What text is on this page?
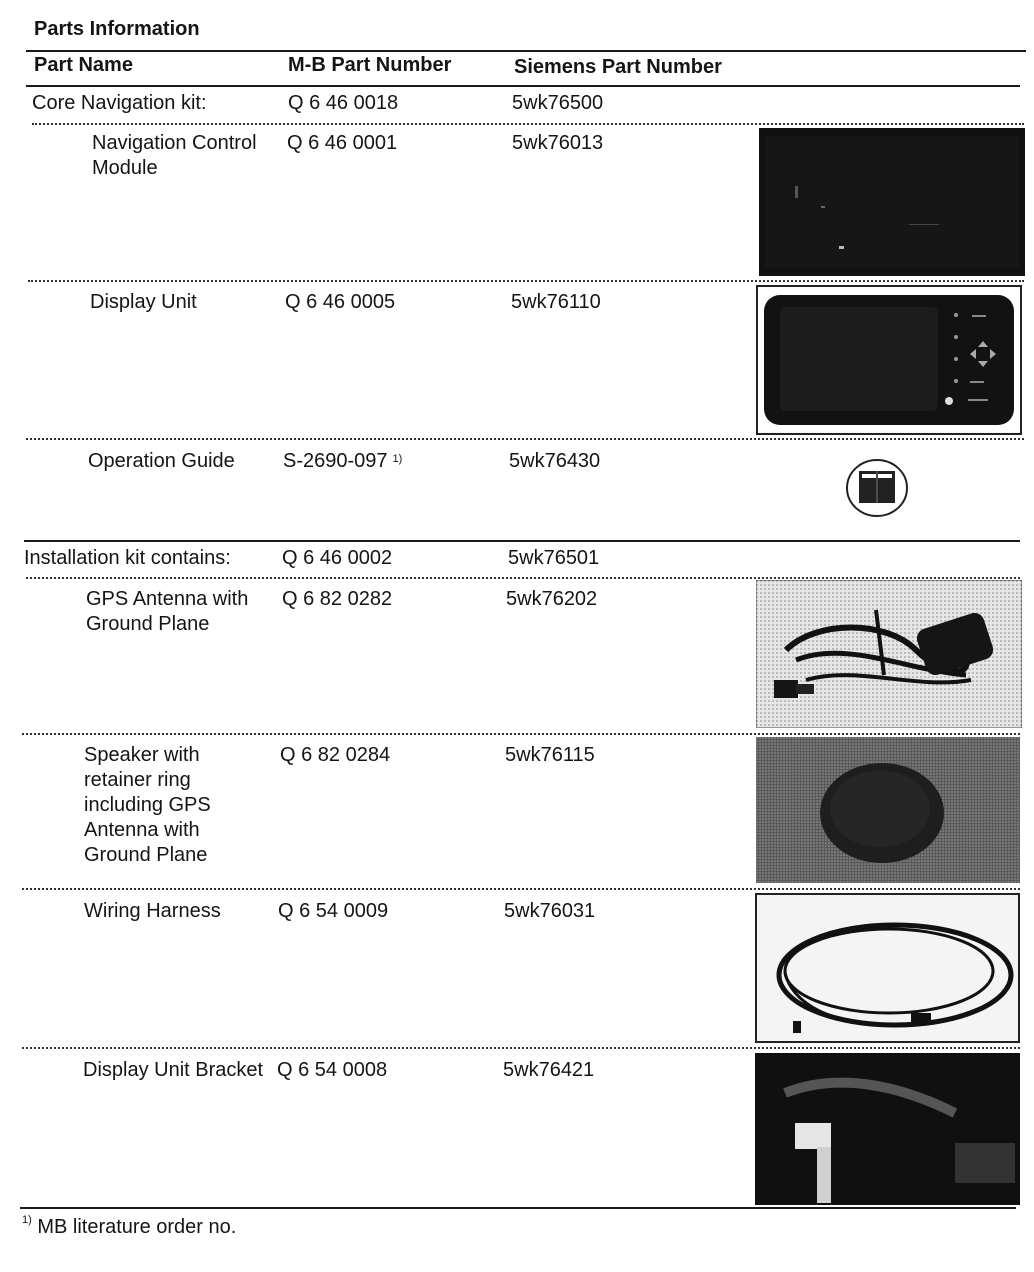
Parts Information
Part Name	M-B Part Number	Siemens Part Number
Core Navigation kit:	Q 6 46 0018	5wk76500
Navigation Control
Module
Q 6 46 0001	5wk76013
Display Unit	Q 6 46 0005	5wk76110
Operation Guide S-2690-097 $^{1)}$	5wk76430
Installation kit contains:	Q 6 46 0002	5wk76501
GPS Antenna with
Ground Plane
Q 6 82 0282	5wk76202
Speaker with
retainer ring
including GPS
Antenna with
Ground Plane
Q 6 82 0284	5wk76115
Wiring Harness	Q 6 54 0009	5wk76031
Display Unit Bracket Q 6 54 0008	5wk76421
$^{1)}$ MB literature order no.
